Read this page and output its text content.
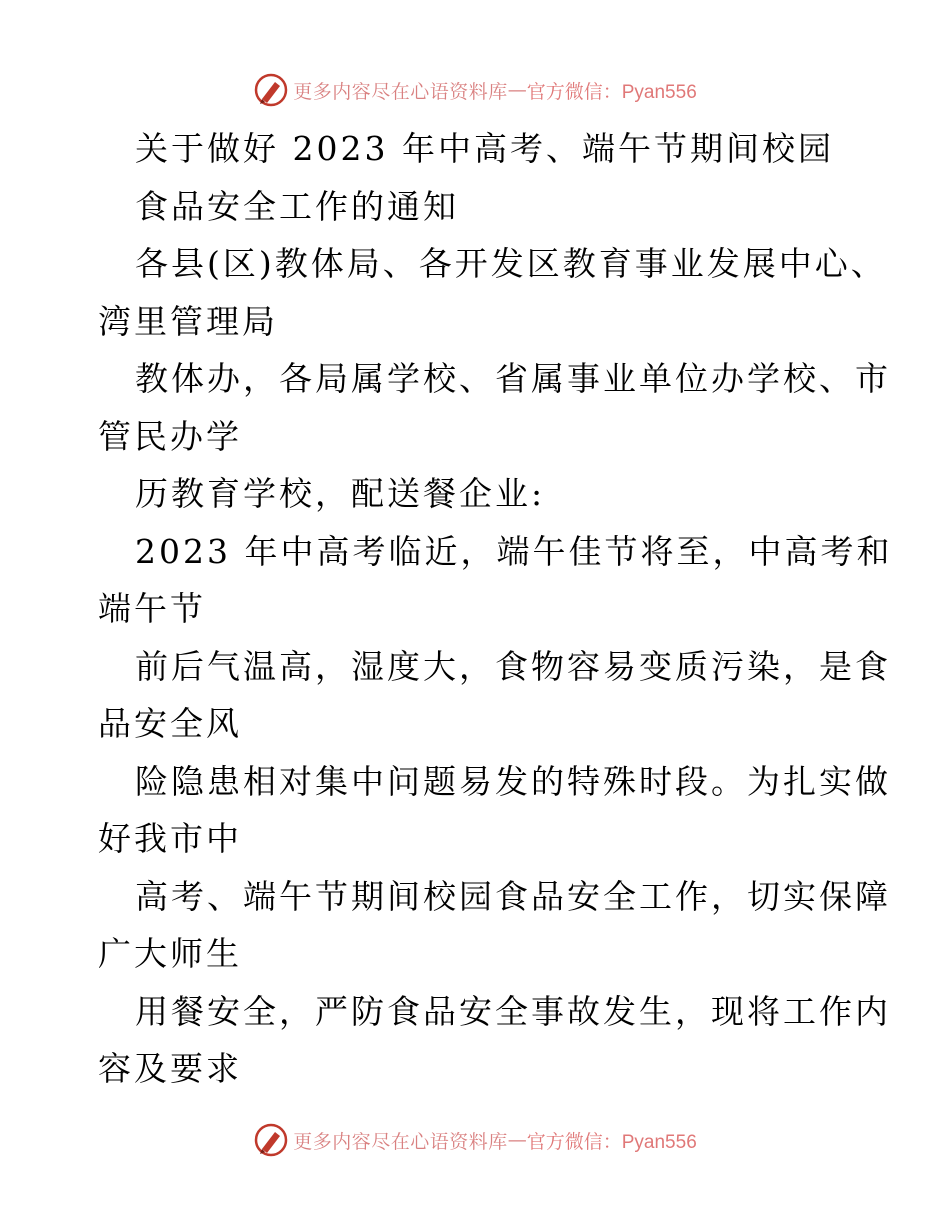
更多内容尽在心语资料库 — 官方微信：Pyan556
关于做好 2023 年中高考、端午节期间校园
食品安全工作的通知
各县(区)教体局、各开发区教育事业发展中心、
湾里管理局
教体办，各局属学校、省属事业单位办学校、市
管民办学
历教育学校，配送餐企业:
2023 年中高考临近，端午佳节将至，中高考和
端午节
前后气温高，湿度大，食物容易变质污染，是食
品安全风
险隐患相对集中问题易发的特殊时段。为扎实做
好我市中
高考、端午节期间校园食品安全工作，切实保障
广大师生
用餐安全，严防食品安全事故发生，现将工作内
容及要求
更多内容尽在心语资料库 — 官方微信：Pyan556
